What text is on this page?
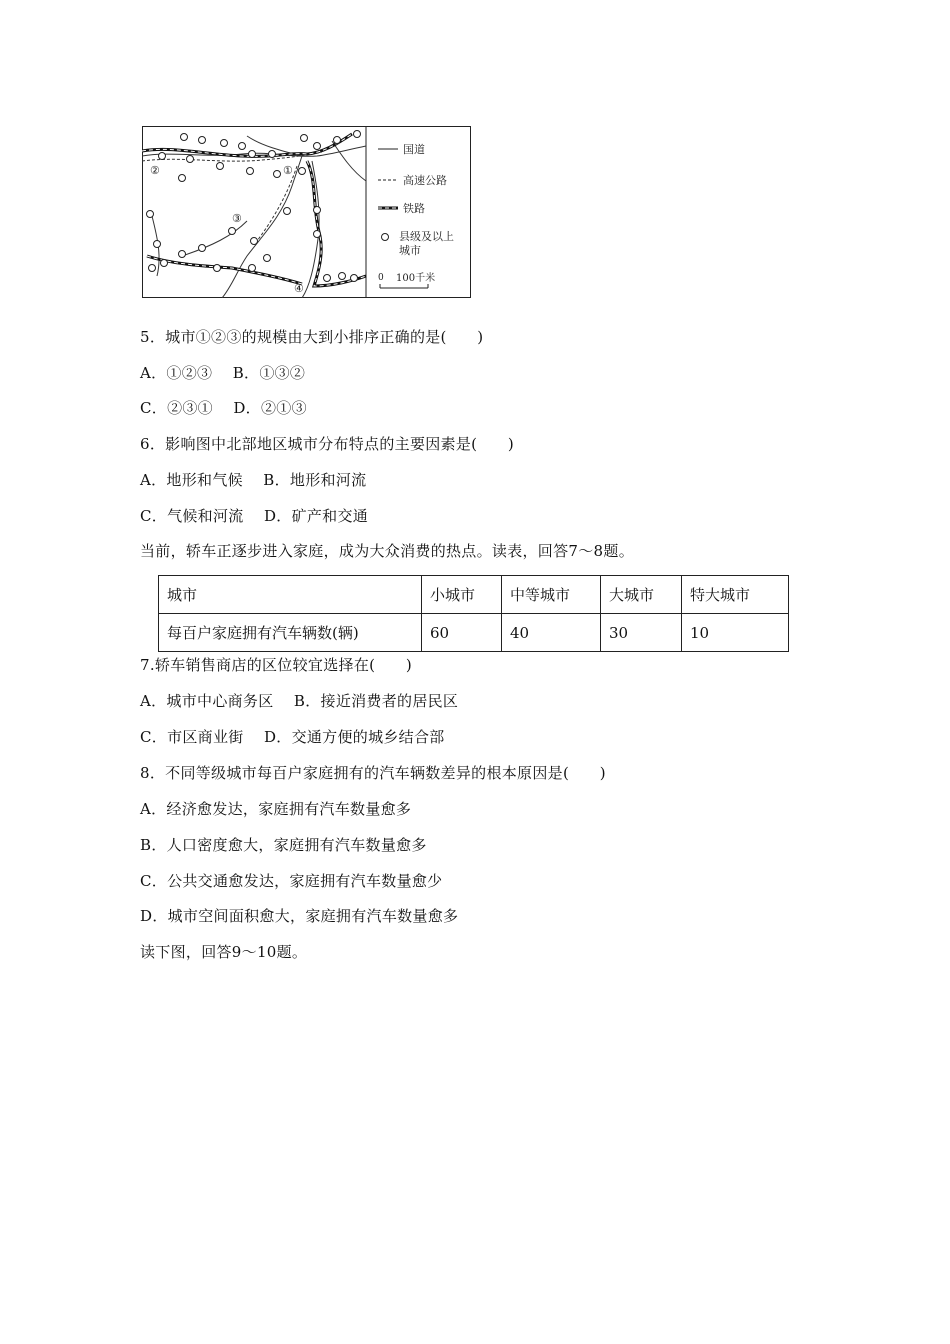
①
②
③
④
国道
高速公路
铁路
县级及以上
城市
0 100千米
5．城市①②③的规模由大到小排序正确的是(　　)
A．①②③　 B．①③②
C．②③①　 D．②①③
6．影响图中北部地区城市分布特点的主要因素是(　　)
A．地形和气候　 B．地形和河流
C．气候和河流　 D．矿产和交通
当前，轿车正逐步进入家庭，成为大众消费的热点。读表，回答7～8题。
城市	小城市	中等城市	大城市	特大城市
每百户家庭拥有汽车辆数(辆)	60	40	30	10
7.轿车销售商店的区位较宜选择在(　　)
A．城市中心商务区　 B．接近消费者的居民区
C．市区商业街　 D．交通方便的城乡结合部
8．不同等级城市每百户家庭拥有的汽车辆数差异的根本原因是(　　)
A．经济愈发达，家庭拥有汽车数量愈多
B．人口密度愈大，家庭拥有汽车数量愈多
C．公共交通愈发达，家庭拥有汽车数量愈少
D．城市空间面积愈大，家庭拥有汽车数量愈多
读下图，回答9～10题。
